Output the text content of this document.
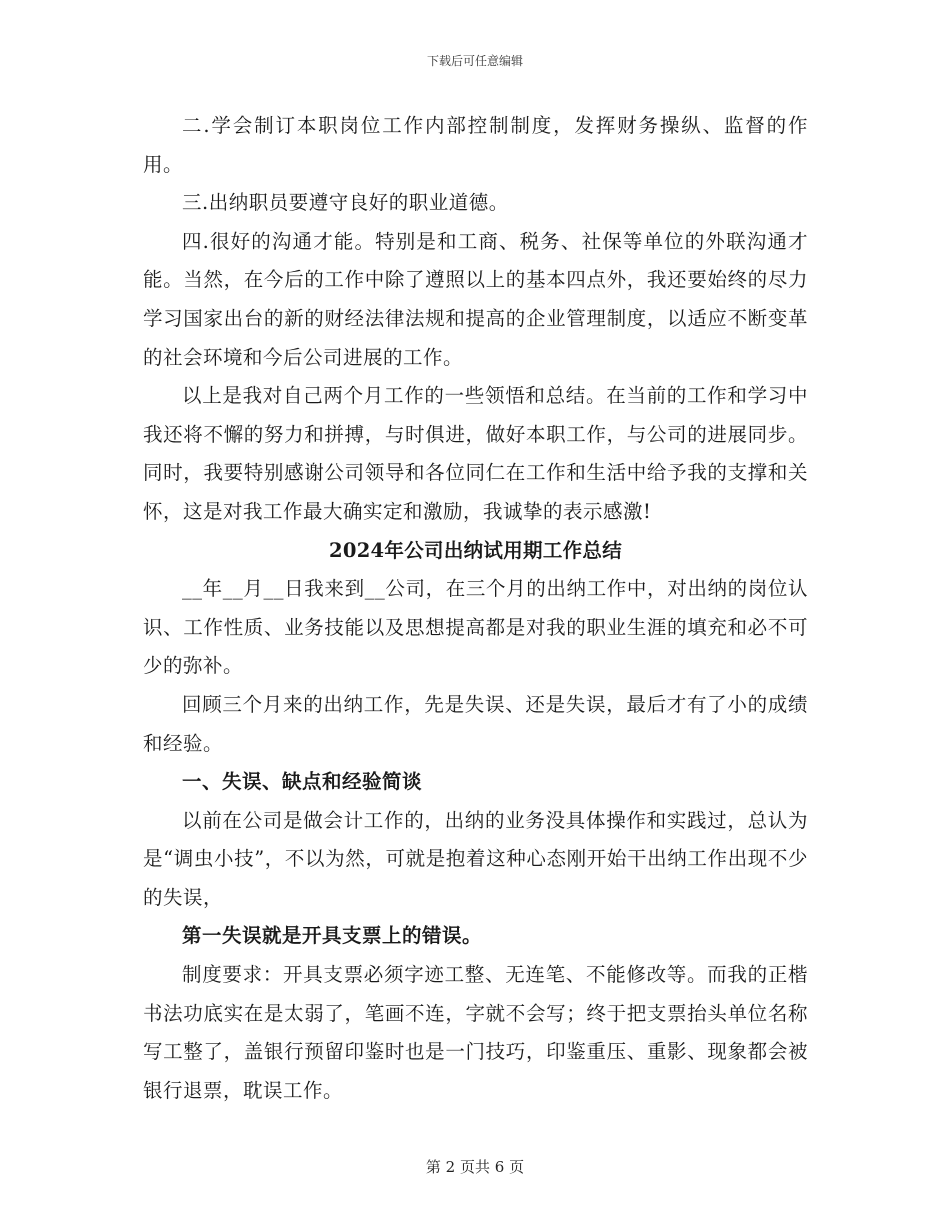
下载后可任意编辑

二.学会制订本职岗位工作内部控制制度，发挥财务操纵、监督的作用。

三.出纳职员要遵守良好的职业道德。

四.很好的沟通才能。特别是和工商、税务、社保等单位的外联沟通才能。当然，在今后的工作中除了遵照以上的基本四点外，我还要始终的尽力学习国家出台的新的财经法律法规和提高的企业管理制度，以适应不断变革的社会环境和今后公司进展的工作。

以上是我对自己两个月工作的一些领悟和总结。在当前的工作和学习中我还将不懈的努力和拼搏，与时俱进，做好本职工作，与公司的进展同步。同时，我要特别感谢公司领导和各位同仁在工作和生活中给予我的支撑和关怀，这是对我工作最大确实定和激励，我诚挚的表示感激!

2024年公司出纳试用期工作总结

__年__月__日我来到__公司，在三个月的出纳工作中，对出纳的岗位认识、工作性质、业务技能以及思想提高都是对我的职业生涯的填充和必不可少的弥补。

回顾三个月来的出纳工作，先是失误、还是失误，最后才有了小的成绩和经验。

一、失误、缺点和经验简谈

以前在公司是做会计工作的，出纳的业务没具体操作和实践过，总认为是“调虫小技”，不以为然，可就是抱着这种心态刚开始干出纳工作出现不少的失误，

第一失误就是开具支票上的错误。

制度要求：开具支票必须字迹工整、无连笔、不能修改等。而我的正楷书法功底实在是太弱了，笔画不连，字就不会写；终于把支票抬头单位名称写工整了，盖银行预留印鉴时也是一门技巧，印鉴重压、重影、现象都会被银行退票，耽误工作。

第 2 页共 6 页
